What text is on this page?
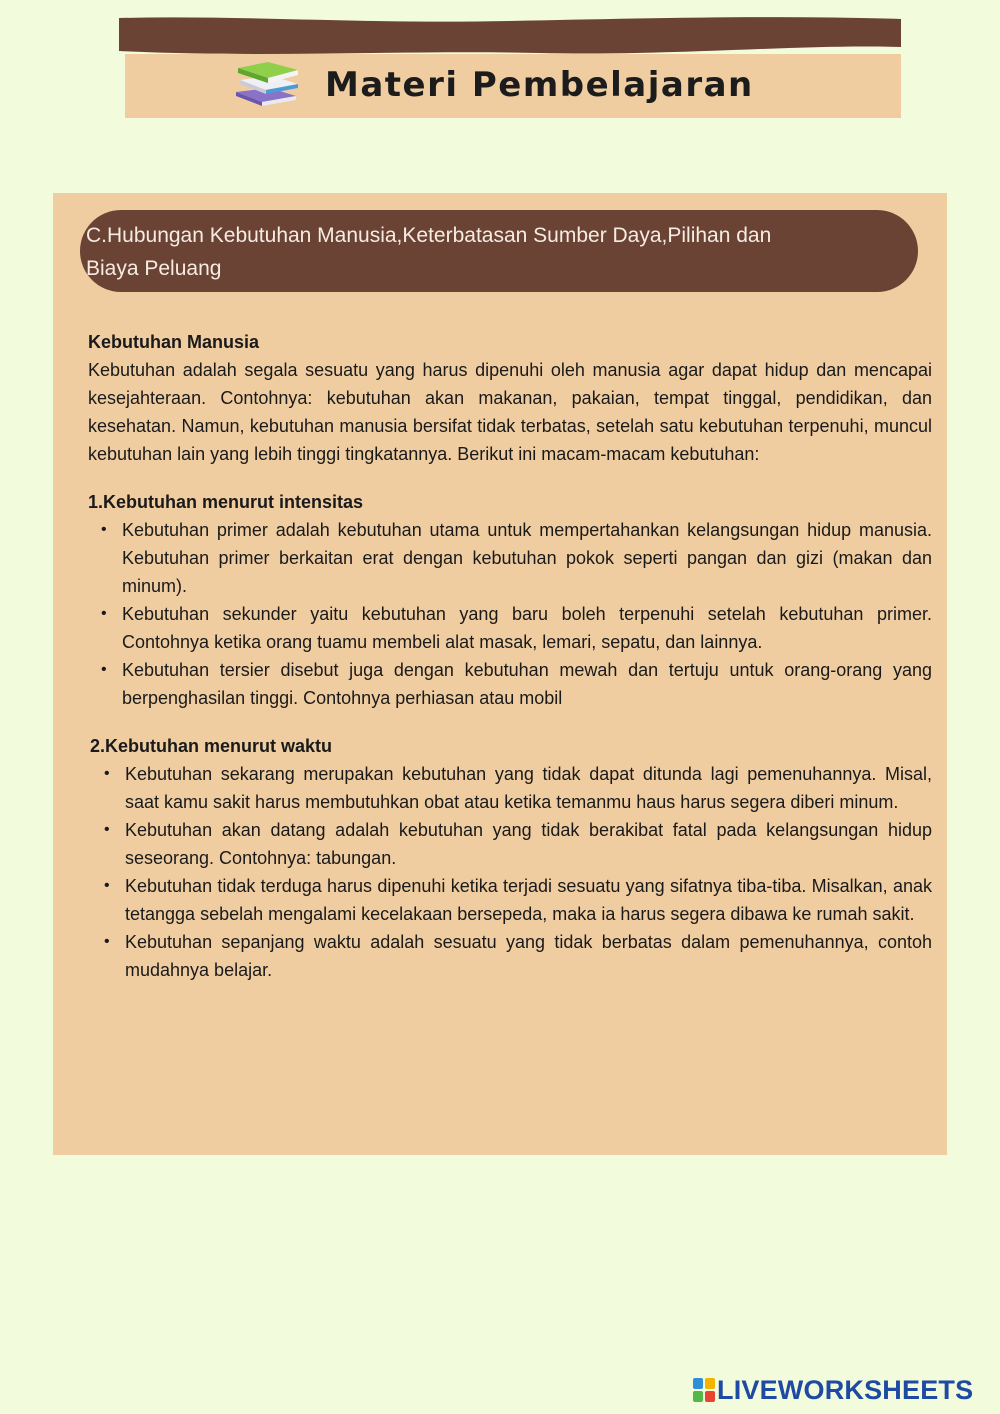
Materi Pembelajaran
C.Hubungan Kebutuhan Manusia,Keterbatasan Sumber Daya,Pilihan dan
Biaya Peluang
Kebutuhan Manusia

Kebutuhan adalah segala sesuatu yang harus dipenuhi oleh manusia agar dapat hidup dan mencapai kesejahteraan. Contohnya: kebutuhan akan makanan, pakaian, tempat tinggal, pendidikan, dan kesehatan. Namun, kebutuhan manusia bersifat tidak terbatas, setelah satu kebutuhan terpenuhi, muncul kebutuhan lain yang lebih tinggi tingkatannya. Berikut ini macam-macam kebutuhan:

1.Kebutuhan menurut intensitas
• Kebutuhan primer adalah kebutuhan utama untuk mempertahankan kelangsungan hidup manusia. Kebutuhan primer berkaitan erat dengan kebutuhan pokok seperti pangan dan gizi (makan dan minum).
• Kebutuhan sekunder yaitu kebutuhan yang baru boleh terpenuhi setelah kebutuhan primer. Contohnya ketika orang tuamu membeli alat masak, lemari, sepatu, dan lainnya.
• Kebutuhan tersier disebut juga dengan kebutuhan mewah dan tertuju untuk orang-orang yang berpenghasilan tinggi. Contohnya perhiasan atau mobil
2.Kebutuhan menurut waktu
• Kebutuhan sekarang merupakan kebutuhan yang tidak dapat ditunda lagi pemenuhannya. Misal, saat kamu sakit harus membutuhkan obat atau ketika temanmu haus harus segera diberi minum.
• Kebutuhan akan datang adalah kebutuhan yang tidak berakibat fatal pada kelangsungan hidup seseorang. Contohnya: tabungan.
• Kebutuhan tidak terduga harus dipenuhi ketika terjadi sesuatu yang sifatnya tiba-tiba. Misalkan, anak tetangga sebelah mengalami kecelakaan bersepeda, maka ia harus segera dibawa ke rumah sakit.
• Kebutuhan sepanjang waktu adalah sesuatu yang tidak berbatas dalam pemenuhannya, contoh mudahnya belajar.
LIVEWORKSHEETS
